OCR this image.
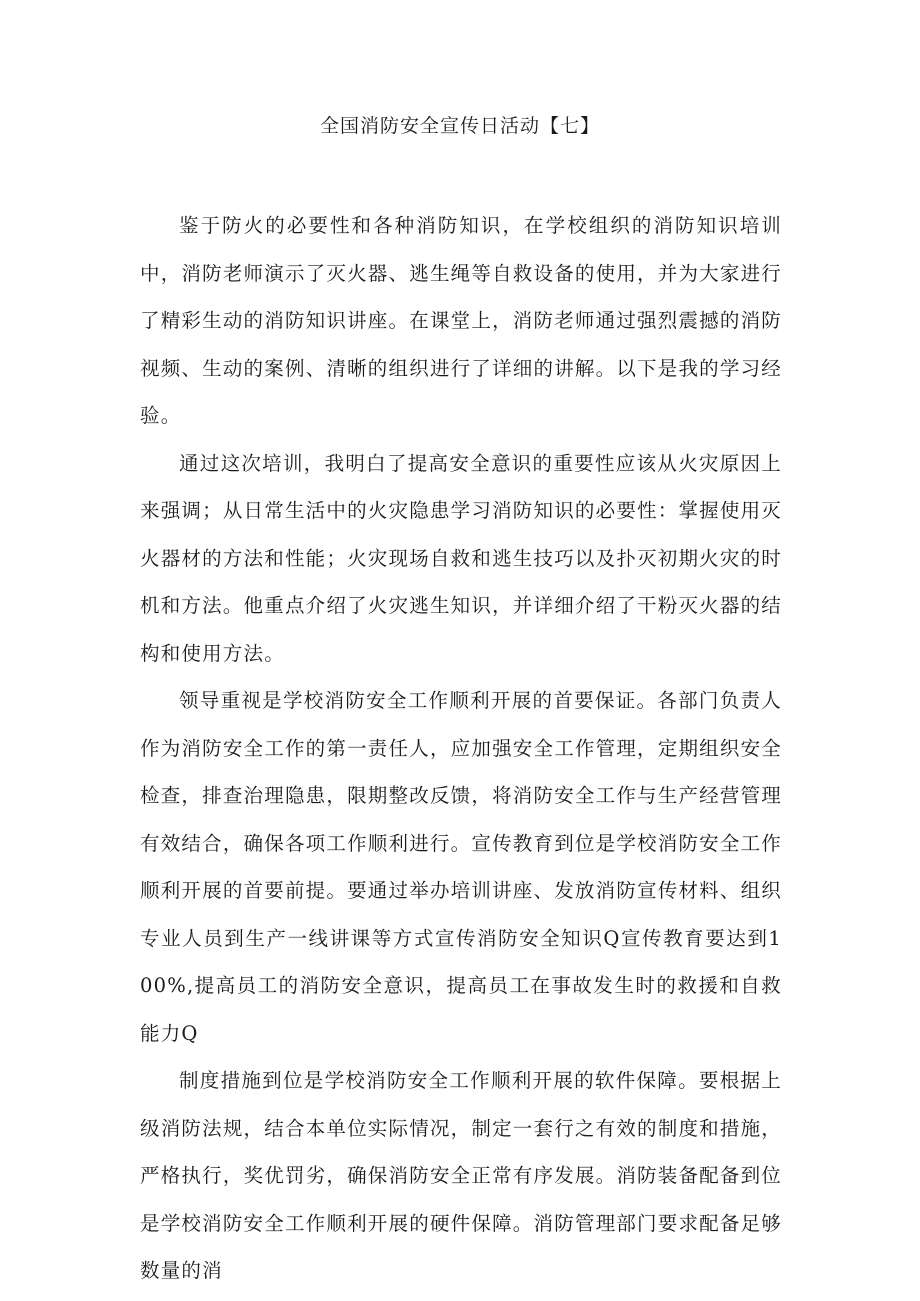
全国消防安全宣传日活动【七】

鉴于防火的必要性和各种消防知识，在学校组织的消防知识培训中，消防老师演示了灭火器、逃生绳等自救设备的使用，并为大家进行了精彩生动的消防知识讲座。在课堂上，消防老师通过强烈震撼的消防视频、生动的案例、清晰的组织进行了详细的讲解。以下是我的学习经验。

通过这次培训，我明白了提高安全意识的重要性应该从火灾原因上来强调；从日常生活中的火灾隐患学习消防知识的必要性：掌握使用灭火器材的方法和性能；火灾现场自救和逃生技巧以及扑灭初期火灾的时机和方法。他重点介绍了火灾逃生知识，并详细介绍了干粉灭火器的结构和使用方法。

领导重视是学校消防安全工作顺利开展的首要保证。各部门负责人作为消防安全工作的第一责任人，应加强安全工作管理，定期组织安全检查，排查治理隐患，限期整改反馈，将消防安全工作与生产经营管理有效结合，确保各项工作顺利进行。宣传教育到位是学校消防安全工作顺利开展的首要前提。要通过举办培训讲座、发放消防宣传材料、组织专业人员到生产一线讲课等方式宣传消防安全知识Q宣传教育要达到100%,提高员工的消防安全意识，提高员工在事故发生时的救援和自救能力Q

制度措施到位是学校消防安全工作顺利开展的软件保障。要根据上级消防法规，结合本单位实际情况，制定一套行之有效的制度和措施，严格执行，奖优罚劣，确保消防安全正常有序发展。消防装备配备到位是学校消防安全工作顺利开展的硬件保障。消防管理部门要求配备足够数量的消
